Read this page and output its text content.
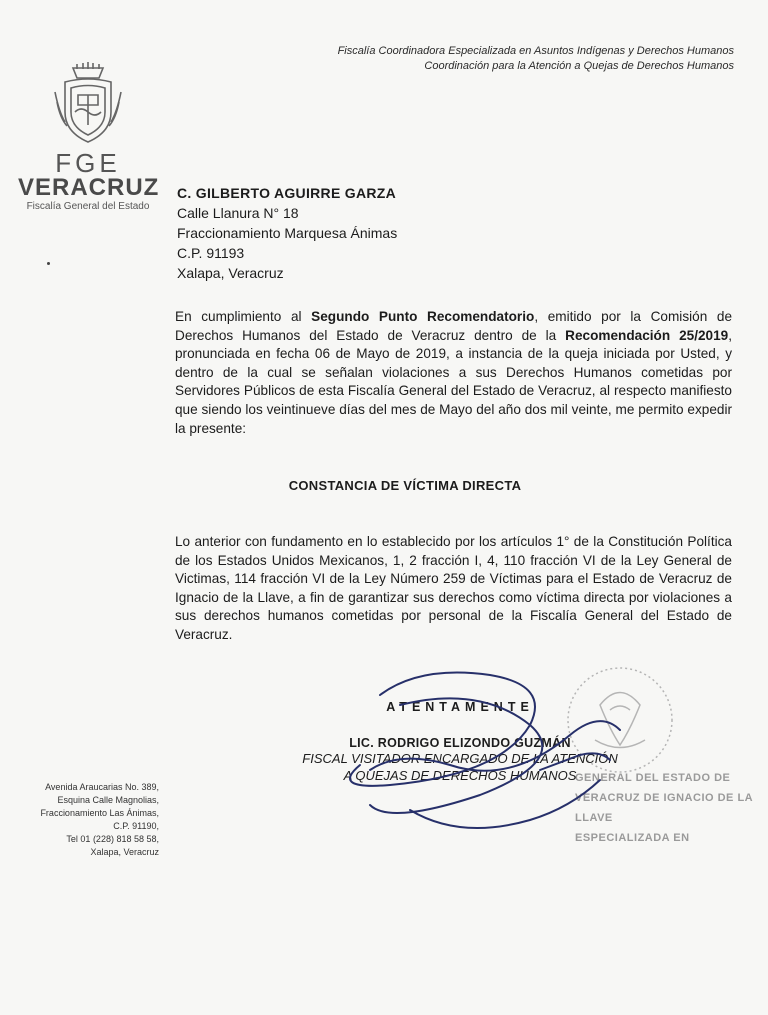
Fiscalía Coordinadora Especializada en Asuntos Indígenas y Derechos Humanos
Coordinación para la Atención a Quejas de Derechos Humanos
FGE
VERACRUZ
Fiscalía General del Estado
C. GILBERTO AGUIRRE GARZA
Calle Llanura N° 18
Fraccionamiento Marquesa Ánimas
C.P. 91193
Xalapa, Veracruz
En cumplimiento al Segundo Punto Recomendatorio, emitido por la Comisión de Derechos Humanos del Estado de Veracruz dentro de la Recomendación 25/2019, pronunciada en fecha 06 de Mayo de 2019, a instancia de la queja iniciada por Usted, y dentro de la cual se señalan violaciones a sus Derechos Humanos cometidas por Servidores Públicos de esta Fiscalía General del Estado de Veracruz, al respecto manifiesto que siendo los veintinueve días del mes de Mayo del año dos mil veinte, me permito expedir la presente:
CONSTANCIA DE VÍCTIMA DIRECTA
Lo anterior con fundamento en lo establecido por los artículos 1° de la Constitución Política de los Estados Unidos Mexicanos, 1, 2 fracción I, 4, 110 fracción VI de la Ley General de Victimas, 114 fracción VI de la Ley Número 259 de Víctimas para el Estado de Veracruz de Ignacio de la Llave, a fin de garantizar sus derechos como víctima directa por violaciones a sus derechos humanos cometidas por personal de la Fiscalía General del Estado de Veracruz.
GENERAL DEL ESTADO DE
VERACRUZ DE IGNACIO DE LA LLAVE
ESPECIALIZADA EN
ATENTAMENTE
LIC. RODRIGO ELIZONDO GUZMÁN
FISCAL VISITADOR ENCARGADO DE LA ATENCIÓN
A QUEJAS DE DERECHOS HUMANOS
Avenida Araucarias No. 389,
Esquina Calle Magnolias,
Fraccionamiento Las Ánimas,
C.P. 91190,
Tel 01 (228) 818 58 58,
Xalapa, Veracruz
